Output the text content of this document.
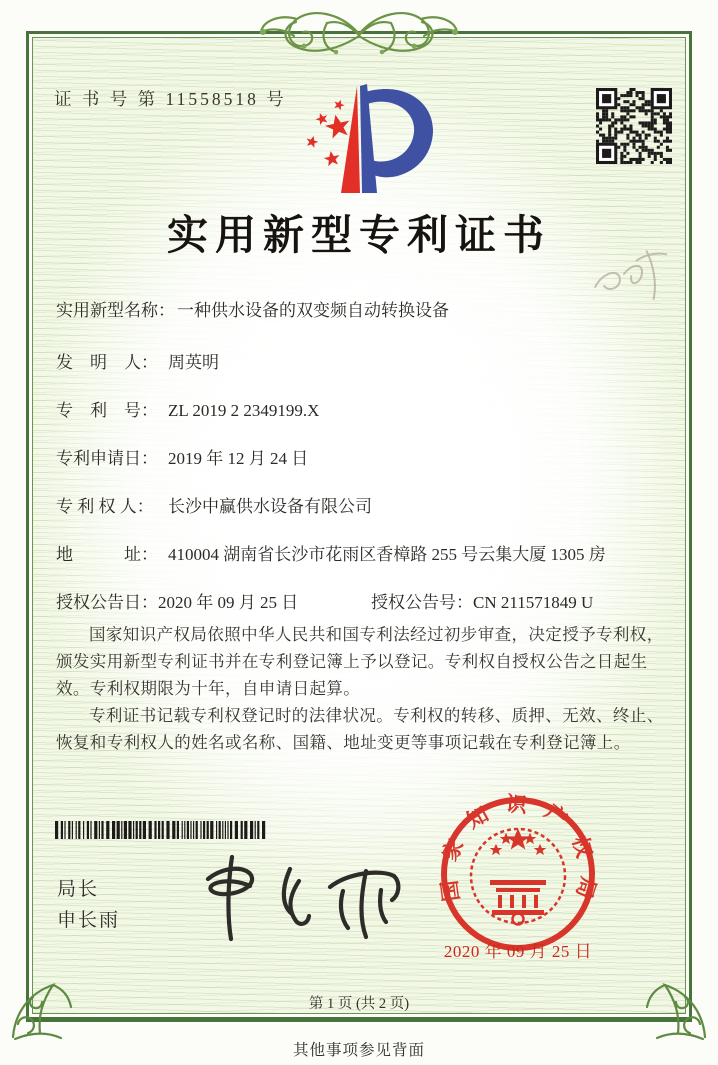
证 书 号 第 11558518 号
实用新型专利证书
实用新型名称： 一种供水设备的双变频自动转换设备
发　明　人： 周英明
专　利　号： ZL 2019 2 2349199.X
专利申请日： 2019 年 12 月 24 日
专 利 权 人： 长沙中赢供水设备有限公司
地　　　址： 410004 湖南省长沙市花雨区香樟路 255 号云集大厦 1305 房
授权公告日：2020 年 09 月 25 日	授权公告号：CN 211571849 U

国家知识产权局依照中华人民共和国专利法经过初步审查，决定授予专利权，颁发实用新型专利证书并在专利登记簿上予以登记。专利权自授权公告之日起生效。专利权期限为十年，自申请日起算。

专利证书记载专利权登记时的法律状况。专利权的转移、质押、无效、终止、恢复和专利权人的姓名或名称、国籍、地址变更等事项记载在专利登记簿上。

局长
申长雨
国家知识产权局
2020 年 09 月 25 日
第 1 页 (共 2 页)
其他事项参见背面
